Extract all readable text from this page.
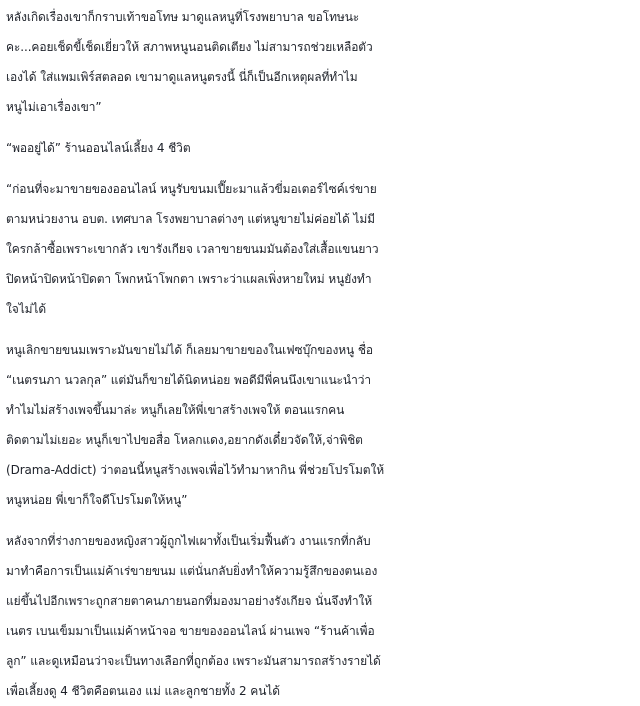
หลังเกิดเรื่องเขาก็กราบเท้าขอโทษ มาดูแลหนูที่โรงพยาบาล ขอโทษนะ
คะ...คอยเช็ดขี้เช็ดเยี่ยวให้ สภาพหนูนอนติดเตียง ไม่สามารถช่วยเหลือตัว
เองได้ ใส่แพมเพิร์สตลอด เขามาดูแลหนูตรงนี้ นี่ก็เป็นอีกเหตุผลที่ทำไม
หนูไม่เอาเรื่องเขา”
“พออยู่ได้” ร้านออนไลน์เลี้ยง 4 ชีวิต
“ก่อนที่จะมาขายของออนไลน์ หนูรับขนมเปี๊ยะมาแล้วขี่มอเตอร์ไซค์เร่ขาย
ตามหน่วยงาน อบต. เทศบาล โรงพยาบาลต่างๆ แต่หนูขายไม่ค่อยได้ ไม่มี
ใครกล้าซื้อเพราะเขากลัว เขารังเกียจ เวลาขายขนมมันต้องใส่เสื้อแขนยาว
ปิดหน้าปิดหน้าปิดตา โพกหน้าโพกตา เพราะว่าแผลเพิ่งหายใหม่ หนูยังทำ
ใจไม่ได้
หนูเลิกขายขนมเพราะมันขายไม่ได้ ก็เลยมาขายของในเฟซบุ๊กของหนู ชื่อ
“เนตรนภา นวลกุล” แต่มันก็ขายได้นิดหน่อย พอดีมีพี่คนนึงเขาแนะนำว่า
ทำไมไม่สร้างเพจขึ้นมาล่ะ หนูก็เลยให้พี่เขาสร้างเพจให้ ตอนแรกคน
ติดตามไม่เยอะ หนูก็เขาไปขอสื่อ โหลกแดง,อยากดังเดี๋ยวจัดให้,จ่าพิชิต
(Drama-Addict) ว่าตอนนี้หนูสร้างเพจเพื่อไว้ทำมาหากิน พี่ช่วยโปรโมตให้
หนูหน่อย พี่เขาก็ใจดีโปรโมตให้หนู”
หลังจากที่ร่างกายของหญิงสาวผู้ถูกไฟเผาทั้งเป็นเริ่มฟื้นตัว งานแรกที่กลับ
มาทำคือการเป็นแม่ค้าเร่ขายขนม แต่นั่นกลับยิ่งทำให้ความรู้สึกของตนเอง
แย่ขึ้นไปอีกเพราะถูกสายตาคนภายนอกที่มองมาอย่างรังเกียจ นั่นจึงทำให้
เนตร เบนเข็มมาเป็นแม่ค้าหน้าจอ ขายของออนไลน์ ผ่านเพจ “ร้านค้าเพื่อ
ลูก” และดูเหมือนว่าจะเป็นทางเลือกที่ถูกต้อง เพราะมันสามารถสร้างรายได้
เพื่อเลี้ยงดู 4 ชีวิตคือตนเอง แม่ และลูกชายทั้ง 2 คนได้
